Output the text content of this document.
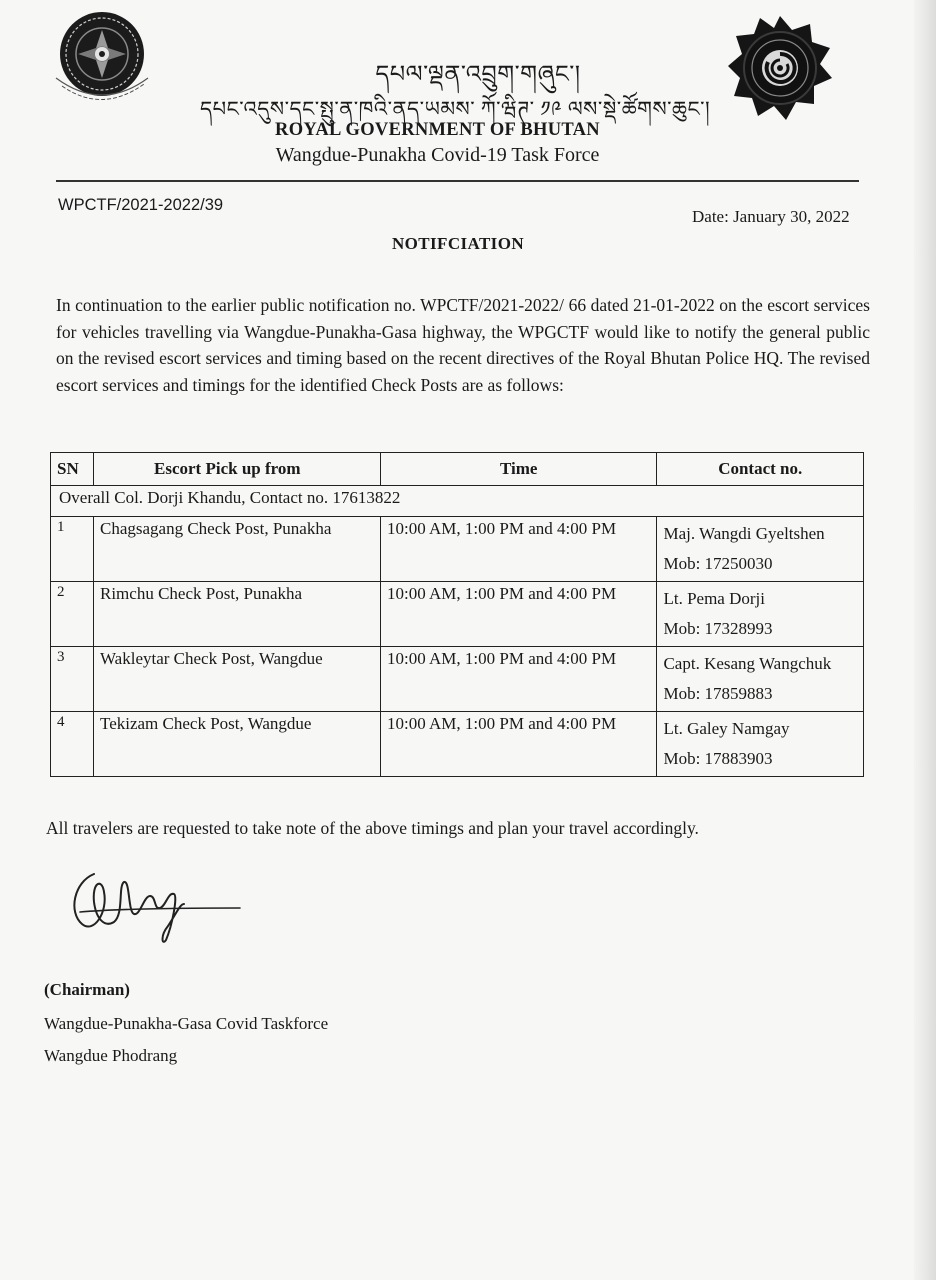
དཔལ་ལྡན་འབྲུག་གཞུང་།
དཔང་འདུས་དང་སྤུ་ན་ཁའི་ནད་ཡམས་ ཀོ་ཝིཊ་ ༡༩ ལས་སྡེ་ཚོགས་ཆུང་།
ROYAL GOVERNMENT OF BHUTAN
Wangdue-Punakha Covid-19 Task Force
WPCTF/2021-2022/39
Date: January 30, 2022
NOTIFCIATION
In continuation to the earlier public notification no. WPCTF/2021-2022/ 66 dated 21-01-2022 on the escort services for vehicles travelling via Wangdue-Punakha-Gasa highway, the WPGCTF would like to notify the general public on the revised escort services and timing based on the recent directives of the Royal Bhutan Police HQ. The revised escort services and timings for the identified Check Posts are as follows:
SN	Escort Pick up from	Time	Contact no.
Overall Col. Dorji Khandu, Contact no. 17613822			
1	Chagsagang Check Post, Punakha	10:00 AM, 1:00 PM and 4:00 PM	Maj. Wangdi Gyeltshen
Mob: 17250030

2	Rimchu Check Post, Punakha	10:00 AM, 1:00 PM and 4:00 PM	Lt. Pema Dorji
Mob: 17328993

3	Wakleytar Check Post, Wangdue	10:00 AM, 1:00 PM and 4:00 PM	Capt. Kesang Wangchuk
Mob: 17859883

4	Tekizam Check Post, Wangdue	10:00 AM, 1:00 PM and 4:00 PM	Lt. Galey Namgay
Mob: 17883903
All travelers are requested to take note of the above timings and plan your travel accordingly.
(Chairman)
Wangdue-Punakha-Gasa Covid Taskforce
Wangdue Phodrang
